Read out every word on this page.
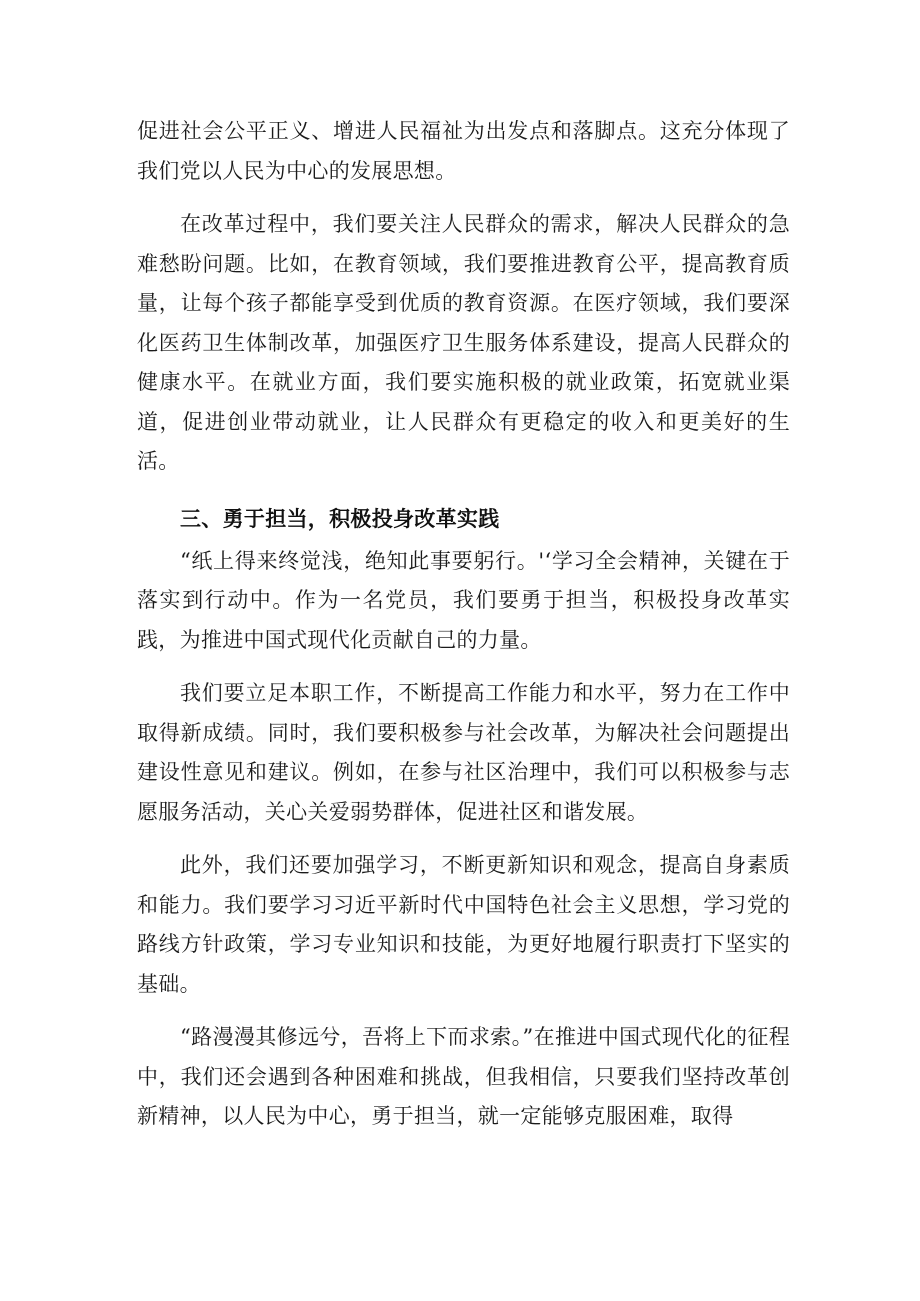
促进社会公平正义、增进人民福祉为出发点和落脚点。这充分体现了我们党以人民为中心的发展思想。

在改革过程中，我们要关注人民群众的需求，解决人民群众的急难愁盼问题。比如，在教育领域，我们要推进教育公平，提高教育质量，让每个孩子都能享受到优质的教育资源。在医疗领域，我们要深化医药卫生体制改革，加强医疗卫生服务体系建设，提高人民群众的健康水平。在就业方面，我们要实施积极的就业政策，拓宽就业渠道，促进创业带动就业，让人民群众有更稳定的收入和更美好的生活。

三、勇于担当，积极投身改革实践

“纸上得来终觉浅，绝知此事要躬行。'‘学习全会精神，关键在于落实到行动中。作为一名党员，我们要勇于担当，积极投身改革实践，为推进中国式现代化贡献自己的力量。

我们要立足本职工作，不断提高工作能力和水平，努力在工作中取得新成绩。同时，我们要积极参与社会改革，为解决社会问题提出建设性意见和建议。例如，在参与社区治理中，我们可以积极参与志愿服务活动，关心关爱弱势群体，促进社区和谐发展。

此外，我们还要加强学习，不断更新知识和观念，提高自身素质和能力。我们要学习习近平新时代中国特色社会主义思想，学习党的路线方针政策，学习专业知识和技能，为更好地履行职责打下坚实的基础。

“路漫漫其修远兮，吾将上下而求索。”在推进中国式现代化的征程中，我们还会遇到各种困难和挑战，但我相信，只要我们坚持改革创新精神，以人民为中心，勇于担当，就一定能够克服困难，取得
